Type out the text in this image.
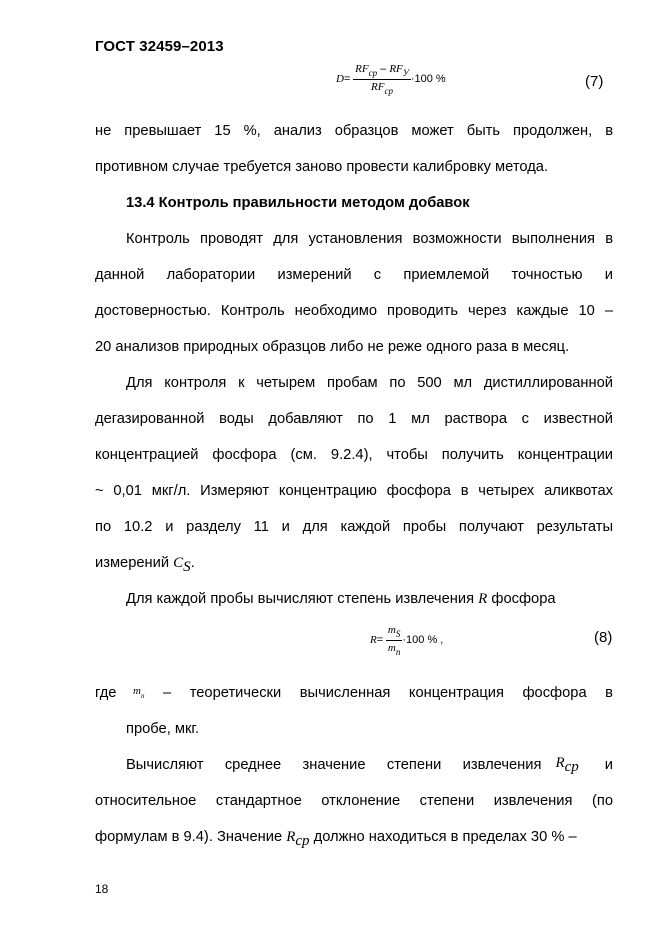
ГОСТ 32459–2013
$D= \frac{RF_{ср} - RF_У}{RF_{ср}} \cdot 100$ %	(7)
не превышает 15 %, анализ образцов может быть продолжен, в
противном случае требуется заново провести калибровку метода.
13.4 Контроль правильности методом добавок
Контроль проводят для установления возможности выполнения в
данной лаборатории измерений с приемлемой точностью и
достоверностью. Контроль необходимо проводить через каждые 10 –
20 анализов природных образцов либо не реже одного раза в месяц.
Для контроля к четырем пробам по 500 мл дистиллированной
дегазированной воды добавляют по 1 мл раствора с известной
концентрацией фосфора (см. 9.2.4), чтобы получить концентрации
~ 0,01 мкг/л. Измеряют концентрацию фосфора в четырех аликвотах
по 10.2 и разделу 11 и для каждой пробы получают результаты
измерений $C_S$.
Для каждой пробы вычисляют степень извлечения R фосфора
$R= \frac{m_S}{m_n} \cdot 100$ % ,	(8)
где	$m_n$	– теоретически вычисленная концентрация фосфора в
пробе, мкг.
Вычисляют среднее значение степени извлечения $R_{ср}$	и
относительное стандартное отклонение степени извлечения (по
формулам в 9.4). Значение $R_{ср}$ должно находиться в пределах 30 % –
18
